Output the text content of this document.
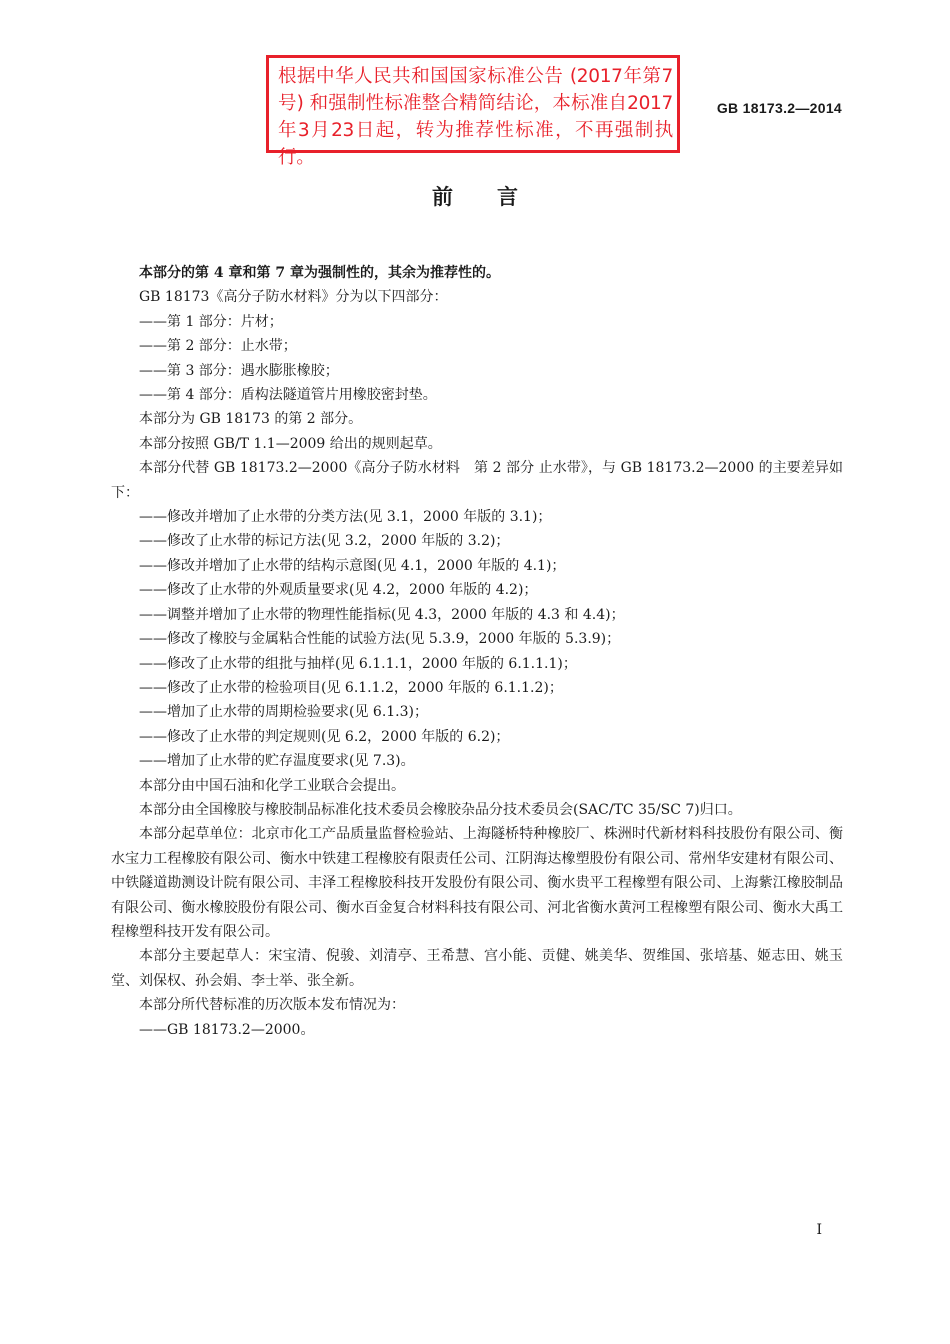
根据中华人民共和国国家标准公告 (2017年第7号) 和强制性标准整合精简结论，本标准自2017年3月23日起，转为推荐性标准，不再强制执行。
GB 18173.2—2014
前言

本部分的第 4 章和第 7 章为强制性的，其余为推荐性的。

GB 18173《高分子防水材料》分为以下四部分：

——第 1 部分：片材；

——第 2 部分：止水带；

——第 3 部分：遇水膨胀橡胶；

——第 4 部分：盾构法隧道管片用橡胶密封垫。

本部分为 GB 18173 的第 2 部分。

本部分按照 GB/T 1.1—2009 给出的规则起草。

本部分代替 GB 18173.2—2000《高分子防水材料　第 2 部分 止水带》，与 GB 18173.2—2000 的主要差异如下：

——修改并增加了止水带的分类方法(见 3.1，2000 年版的 3.1)；

——修改了止水带的标记方法(见 3.2，2000 年版的 3.2)；

——修改并增加了止水带的结构示意图(见 4.1，2000 年版的 4.1)；

——修改了止水带的外观质量要求(见 4.2，2000 年版的 4.2)；

——调整并增加了止水带的物理性能指标(见 4.3，2000 年版的 4.3 和 4.4)；

——修改了橡胶与金属粘合性能的试验方法(见 5.3.9，2000 年版的 5.3.9)；

——修改了止水带的组批与抽样(见 6.1.1.1，2000 年版的 6.1.1.1)；

——修改了止水带的检验项目(见 6.1.1.2，2000 年版的 6.1.1.2)；

——增加了止水带的周期检验要求(见 6.1.3)；

——修改了止水带的判定规则(见 6.2，2000 年版的 6.2)；

——增加了止水带的贮存温度要求(见 7.3)。

本部分由中国石油和化学工业联合会提出。

本部分由全国橡胶与橡胶制品标准化技术委员会橡胶杂品分技术委员会(SAC/TC 35/SC 7)归口。

本部分起草单位：北京市化工产品质量监督检验站、上海隧桥特种橡胶厂、株洲时代新材料科技股份有限公司、衡水宝力工程橡胶有限公司、衡水中铁建工程橡胶有限责任公司、江阴海达橡塑股份有限公司、常州华安建材有限公司、中铁隧道勘测设计院有限公司、丰泽工程橡胶科技开发股份有限公司、衡水贵平工程橡塑有限公司、上海紫江橡胶制品有限公司、衡水橡胶股份有限公司、衡水百金复合材料科技有限公司、河北省衡水黄河工程橡塑有限公司、衡水大禹工程橡塑科技开发有限公司。

本部分主要起草人：宋宝清、倪骏、刘清亭、王希慧、宫小能、贡健、姚美华、贺维国、张培基、姬志田、姚玉堂、刘保权、孙会娟、李士举、张全新。

本部分所代替标准的历次版本发布情况为：

——GB 18173.2—2000。

I
